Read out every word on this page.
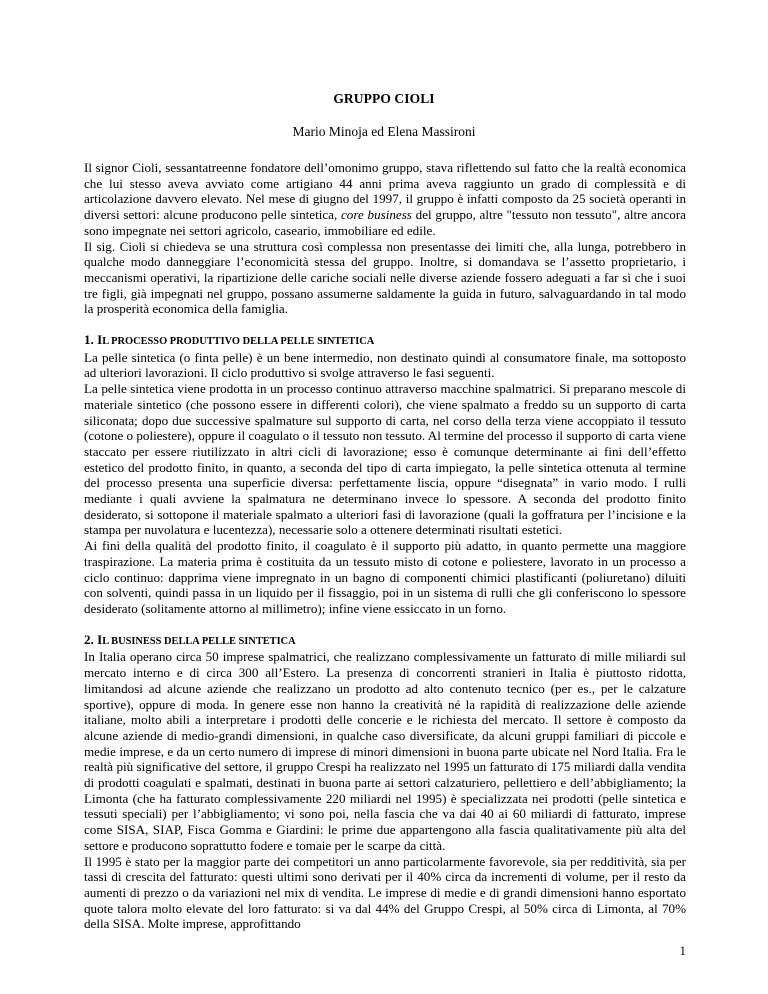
GRUPPO CIOLI
Mario Minoja ed Elena Massironi

Il signor Cioli, sessantatreenne fondatore dell’omonimo gruppo, stava riflettendo sul fatto che la realtà economica che lui stesso aveva avviato come artigiano 44 anni prima aveva raggiunto un grado di complessità e di articolazione davvero elevato. Nel mese di giugno del 1997, il gruppo è infatti composto da 25 società operanti in diversi settori: alcune producono pelle sintetica, core business del gruppo, altre "tessuto non tessuto", altre ancora sono impegnate nei settori agricolo, caseario, immobiliare ed edile.

Il sig. Cioli si chiedeva se una struttura così complessa non presentasse dei limiti che, alla lunga, potrebbero in qualche modo danneggiare l’economicità stessa del gruppo. Inoltre, si domandava se l’assetto proprietario, i meccanismi operativi, la ripartizione delle cariche sociali nelle diverse aziende fossero adeguati a far sì che i suoi tre figli, già impegnati nel gruppo, possano assumerne saldamente la guida in futuro, salvaguardando in tal modo la prosperità economica della famiglia.

1. IL PROCESSO PRODUTTIVO DELLA PELLE SINTETICA

La pelle sintetica (o finta pelle) è un bene intermedio, non destinato quindi al consumatore finale, ma sottoposto ad ulteriori lavorazioni. Il ciclo produttivo si svolge attraverso le fasi seguenti.

La pelle sintetica viene prodotta in un processo continuo attraverso macchine spalmatrici. Si preparano mescole di materiale sintetico (che possono essere in differenti colori), che viene spalmato a freddo su un supporto di carta siliconata; dopo due successive spalmature sul supporto di carta, nel corso della terza viene accoppiato il tessuto (cotone o poliestere), oppure il coagulato o il tessuto non tessuto. Al termine del processo il supporto di carta viene staccato per essere riutilizzato in altri cicli di lavorazione; esso è comunque determinante ai fini dell’effetto estetico del prodotto finito, in quanto, a seconda del tipo di carta impiegato, la pelle sintetica ottenuta al termine del processo presenta una superficie diversa: perfettamente liscia, oppure “disegnata” in vario modo. I rulli mediante i quali avviene la spalmatura ne determinano invece lo spessore. A seconda del prodotto finito desiderato, si sottopone il materiale spalmato a ulteriori fasi di lavorazione (quali la goffratura per l’incisione e la stampa per nuvolatura e lucentezza), necessarie solo a ottenere determinati risultati estetici.

Ai fini della qualità del prodotto finito, il coagulato è il supporto più adatto, in quanto permette una maggiore traspirazione. La materia prima è costituita da un tessuto misto di cotone e poliestere, lavorato in un processo a ciclo continuo: dapprima viene impregnato in un bagno di componenti chimici plastificanti (poliuretano) diluiti con solventi, quindi passa in un liquido per il fissaggio, poi in un sistema di rulli che gli conferiscono lo spessore desiderato (solitamente attorno al millimetro); infine viene essiccato in un forno.

2. IL BUSINESS DELLA PELLE SINTETICA

In Italia operano circa 50 imprese spalmatrici, che realizzano complessivamente un fatturato di mille miliardi sul mercato interno e di circa 300 all’Estero. La presenza di concorrenti stranieri in Italia è piuttosto ridotta, limitandosi ad alcune aziende che realizzano un prodotto ad alto contenuto tecnico (per es., per le calzature sportive), oppure di moda. In genere esse non hanno la creatività né la rapidità di realizzazione delle aziende italiane, molto abili a interpretare i prodotti delle concerie e le richiesta del mercato. Il settore è composto da alcune aziende di medio-grandi dimensioni, in qualche caso diversificate, da alcuni gruppi familiari di piccole e medie imprese, e da un certo numero di imprese di minori dimensioni in buona parte ubicate nel Nord Italia. Fra le realtà più significative del settore, il gruppo Crespi ha realizzato nel 1995 un fatturato di 175 miliardi dalla vendita di prodotti coagulati e spalmati, destinati in buona parte ai settori calzaturiero, pellettiero e dell’abbigliamento; la Limonta (che ha fatturato complessivamente 220 miliardi nel 1995) è specializzata nei prodotti (pelle sintetica e tessuti speciali) per l’abbigliamento; vi sono poi, nella fascia che va dai 40 ai 60 miliardi di fatturato, imprese come SISA, SIAP, Fisca Gomma e Giardini: le prime due appartengono alla fascia qualitativamente più alta del settore e producono soprattutto fodere e tomaie per le scarpe da città.

Il 1995 è stato per la maggior parte dei competitori un anno particolarmente favorevole, sia per redditività, sia per tassi di crescita del fatturato: questi ultimi sono derivati per il 40% circa da incrementi di volume, per il resto da aumenti di prezzo o da variazioni nel mix di vendita. Le imprese di medie e di grandi dimensioni hanno esportato quote talora molto elevate del loro fatturato: si va dal 44% del Gruppo Crespi, al 50% circa di Limonta, al 70% della SISA. Molte imprese, approfittando

1
